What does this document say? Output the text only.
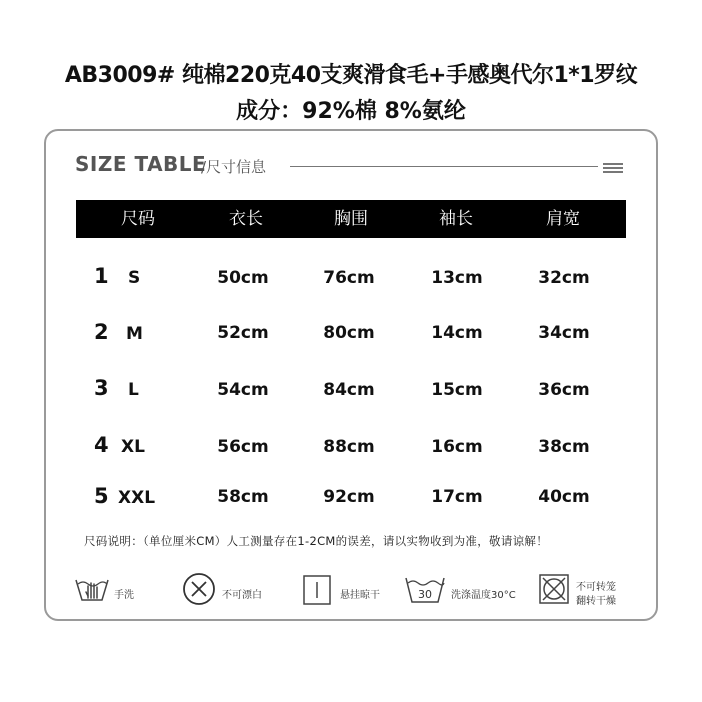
AB3009# 纯棉220克40支爽滑食毛+手感奥代尔1*1罗纹
成分：92%棉 8%氨纶
SIZE TABLE
/尺寸信息
尺码	衣长	胸围	袖长	肩宽
1 S	50cm	76cm	13cm	32cm
2 M	52cm	80cm	14cm	34cm
3 L	54cm	84cm	15cm	36cm
4 XL	56cm	88cm	16cm	38cm
5 XXL	58cm	92cm	17cm	40cm
尺码说明：（单位厘米CM）人工测量存在1-2CM的误差，请以实物收到为准，敬请谅解！
手洗	不可漂白	悬挂晾干	30 洗涤温度30°C
不可转笼
翻转干燥
